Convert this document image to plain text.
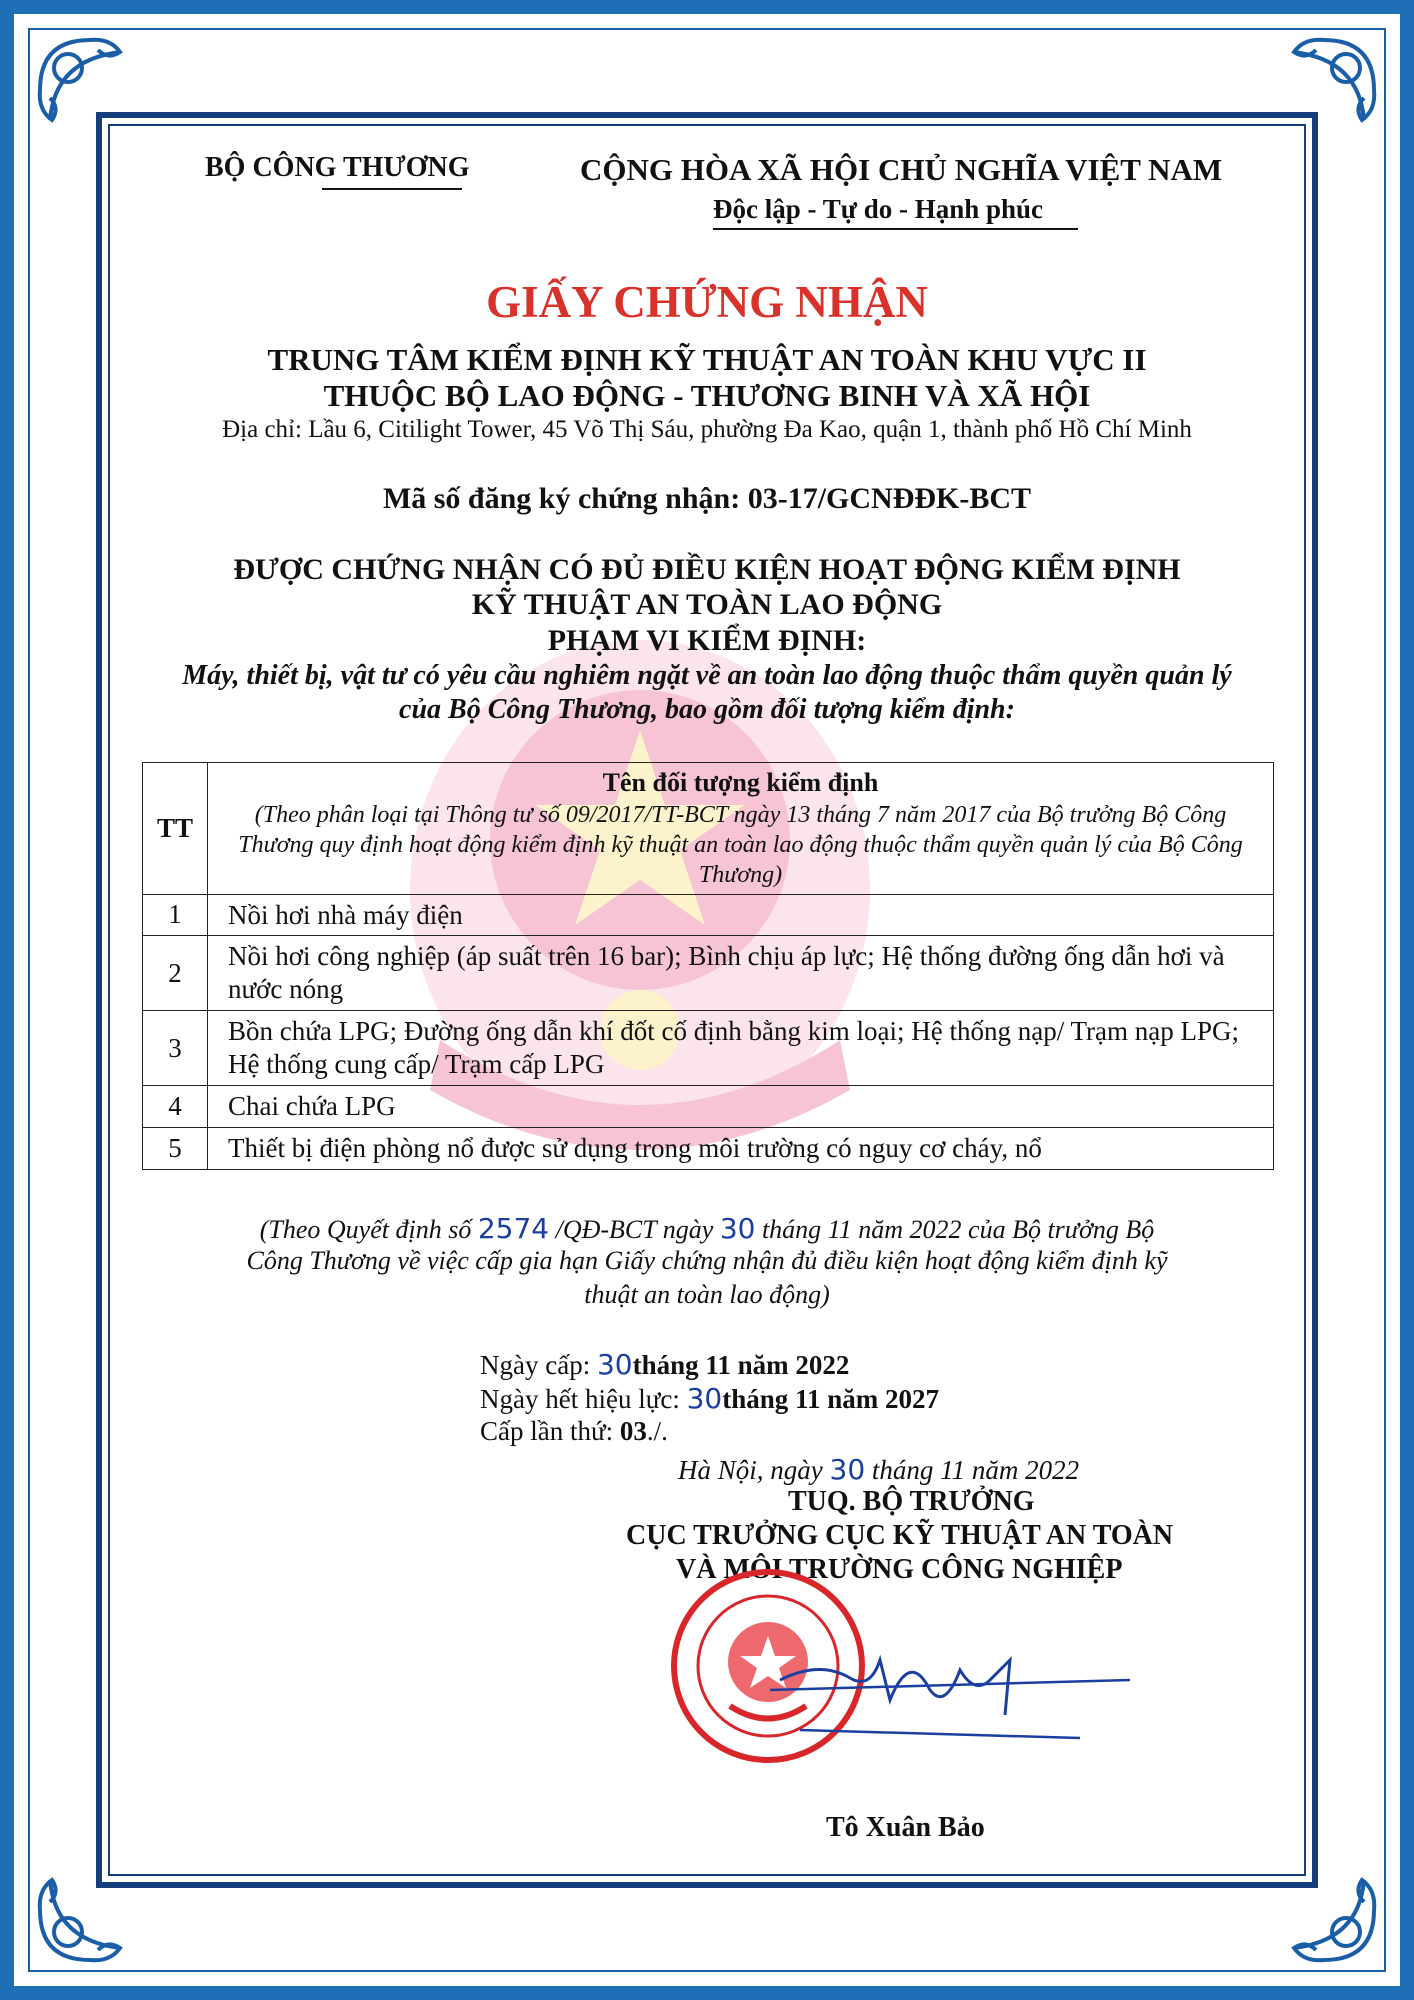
BỘ CÔNG THƯƠNG	CỘNG HÒA XÃ HỘI CHỦ NGHĨA VIỆT NAM
Độc lập - Tự do - Hạnh phúc
GIẤY CHỨNG NHẬN
TRUNG TÂM KIỂM ĐỊNH KỸ THUẬT AN TOÀN KHU VỰC II
THUỘC BỘ LAO ĐỘNG - THƯƠNG BINH VÀ XÃ HỘI
Địa chỉ: Lầu 6, Citilight Tower, 45 Võ Thị Sáu, phường Đa Kao, quận 1, thành phố Hồ Chí Minh
Mã số đăng ký chứng nhận: 03-17/GCNĐĐK-BCT
ĐƯỢC CHỨNG NHẬN CÓ ĐỦ ĐIỀU KIỆN HOẠT ĐỘNG KIỂM ĐỊNH
KỸ THUẬT AN TOÀN LAO ĐỘNG
PHẠM VI KIỂM ĐỊNH:
Máy, thiết bị, vật tư có yêu cầu nghiêm ngặt về an toàn lao động thuộc thẩm quyền quản lý
của Bộ Công Thương, bao gồm đối tượng kiểm định:
TT	Tên đối tượng kiểm định
(Theo phân loại tại Thông tư số 09/2017/TT-BCT ngày 13 tháng 7 năm 2017 của Bộ trưởng Bộ Công Thương quy định hoạt động kiểm định kỹ thuật an toàn lao động thuộc thẩm quyền quản lý của Bộ Công Thương)

1	Nồi hơi nhà máy điện
2	Nồi hơi công nghiệp (áp suất trên 16 bar); Bình chịu áp lực; Hệ thống đường ống dẫn hơi và nước nóng
3	Bồn chứa LPG; Đường ống dẫn khí đốt cố định bằng kim loại; Hệ thống nạp/ Trạm nạp LPG; Hệ thống cung cấp/ Trạm cấp LPG
4	Chai chứa LPG
5	Thiết bị điện phòng nổ được sử dụng trong môi trường có nguy cơ cháy, nổ
(Theo Quyết định số 2574 /QĐ-BCT ngày 30 tháng 11 năm 2022 của Bộ trưởng Bộ
Công Thương về việc cấp gia hạn Giấy chứng nhận đủ điều kiện hoạt động kiểm định kỹ
thuật an toàn lao động)
Ngày cấp: 30tháng 11 năm 2022
Ngày hết hiệu lực: 30tháng 11 năm 2027
Cấp lần thứ: 03./.
Hà Nội, ngày 30 tháng 11 năm 2022
TUQ. BỘ TRƯỞNG
CỤC TRƯỞNG CỤC KỸ THUẬT AN TOÀN
VÀ MÔI TRƯỜNG CÔNG NGHIỆP
Tô Xuân Bảo
